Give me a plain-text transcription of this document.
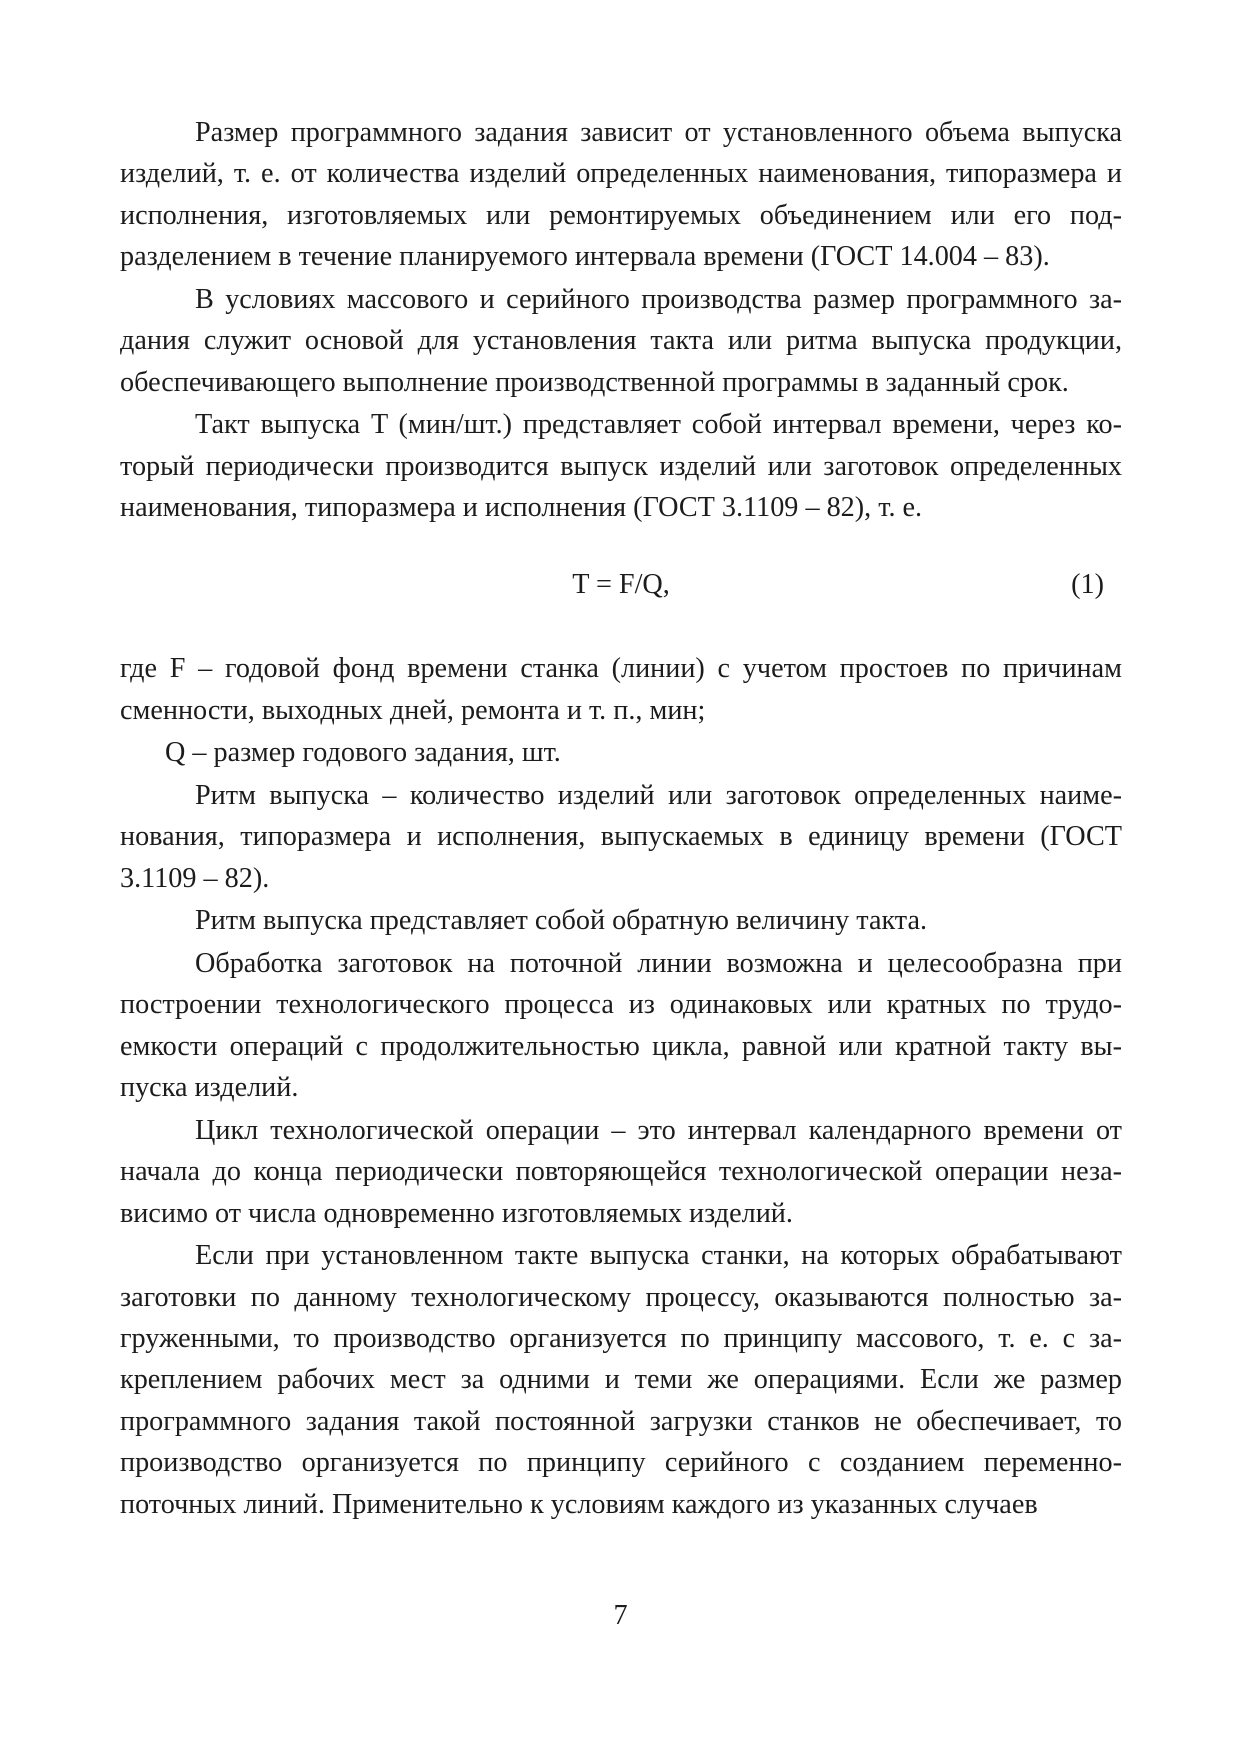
Размер программного задания зависит от установленного объема выпуска изделий, т. е. от количества изделий определенных наименования, типоразмера и исполнения, изготовляемых или ремонтируемых объединением или его подразделением в течение планируемого интервала времени (ГОСТ 14.004 – 83).

В условиях массового и серийного производства размер программного задания служит основой для установления такта или ритма выпуска продукции, обеспечивающего выполнение производственной программы в заданный срок.

Такт выпуска T (мин/шт.) представляет собой интервал времени, через который периодически производится выпуск изделий или заготовок определенных наименования, типоразмера и исполнения (ГОСТ 3.1109 – 82), т. е.

T = F/Q,	(1)

где F – годовой фонд времени станка (линии) с учетом простоев по причинам сменности, выходных дней, ремонта и т. п., мин;

Q – размер годового задания, шт.

Ритм выпуска – количество изделий или заготовок определенных наименования, типоразмера и исполнения, выпускаемых в единицу времени (ГОСТ 3.1109 – 82).

Ритм выпуска представляет собой обратную величину такта.

Обработка заготовок на поточной линии возможна и целесообразна при построении технологического процесса из одинаковых или кратных по трудоемкости операций с продолжительностью цикла, равной или кратной такту выпуска изделий.

Цикл технологической операции – это интервал календарного времени от начала до конца периодически повторяющейся технологической операции независимо от числа одновременно изготовляемых изделий.

Если при установленном такте выпуска станки, на которых обрабатывают заготовки по данному технологическому процессу, оказываются полностью загруженными, то производство организуется по принципу массового, т. е. с закреплением рабочих мест за одними и теми же операциями. Если же размер программного задания такой постоянной загрузки станков не обеспечивает, то производство организуется по принципу серийного с созданием переменно-поточных линий. Применительно к условиям каждого из указанных случаев

7
